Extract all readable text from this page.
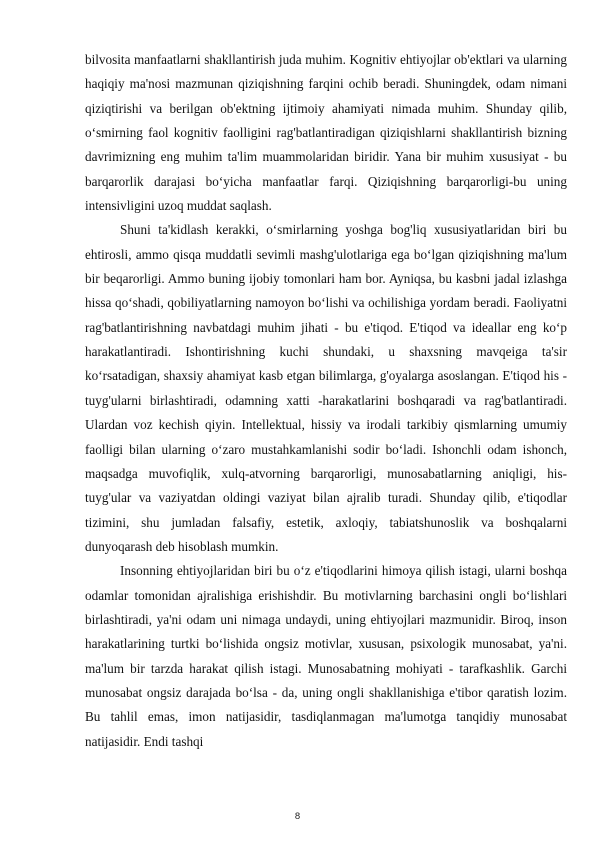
bilvosita manfaatlarni shakllantirish juda muhim. Kognitiv ehtiyojlar ob'ektlari va ularning haqiqiy ma'nosi mazmunan qiziqishning farqini ochib beradi. Shuningdek, odam nimani qiziqtirishi va berilgan ob'ektning ijtimoiy ahamiyati nimada muhim. Shunday qilib, o‘smirning faol kognitiv faolligini rag'batlantiradigan qiziqishlarni shakllantirish bizning davrimizning eng muhim ta'lim muammolaridan biridir. Yana bir muhim xususiyat - bu barqarorlik darajasi bo‘yicha manfaatlar farqi. Qiziqishning barqarorligi-bu uning intensivligini uzoq muddat saqlash.

Shuni ta'kidlash kerakki, o‘smirlarning yoshga bog'liq xususiyatlaridan biri bu ehtirosli, ammo qisqa muddatli sevimli mashg'ulotlariga ega bo‘lgan qiziqishning ma'lum bir beqarorligi. Ammo buning ijobiy tomonlari ham bor. Ayniqsa, bu kasbni jadal izlashga hissa qo‘shadi, qobiliyatlarning namoyon bo‘lishi va ochilishiga yordam beradi. Faoliyatni rag'batlantirishning navbatdagi muhim jihati - bu e'tiqod. E'tiqod va ideallar eng ko‘p harakatlantiradi. Ishontirishning kuchi shundaki, u shaxsning mavqeiga ta'sir ko‘rsatadigan, shaxsiy ahamiyat kasb etgan bilimlarga, g'oyalarga asoslangan. E'tiqod his -tuyg'ularni birlashtiradi, odamning xatti -harakatlarini boshqaradi va rag'batlantiradi. Ulardan voz kechish qiyin. Intellektual, hissiy va irodali tarkibiy qismlarning umumiy faolligi bilan ularning o‘zaro mustahkamlanishi sodir bo‘ladi. Ishonchli odam ishonch, maqsadga muvofiqlik, xulq-atvorning barqarorligi, munosabatlarning aniqligi, his-tuyg'ular va vaziyatdan oldingi vaziyat bilan ajralib turadi. Shunday qilib, e'tiqodlar tizimini, shu jumladan falsafiy, estetik, axloqiy, tabiatshunoslik va boshqalarni dunyoqarash deb hisoblash mumkin.

Insonning ehtiyojlaridan biri bu o‘z e'tiqodlarini himoya qilish istagi, ularni boshqa odamlar tomonidan ajralishiga erishishdir. Bu motivlarning barchasini ongli bo‘lishlari birlashtiradi, ya'ni odam uni nimaga undaydi, uning ehtiyojlari mazmunidir. Biroq, inson harakatlarining turtki bo‘lishida ongsiz motivlar, xususan, psixologik munosabat, ya'ni. ma'lum bir tarzda harakat qilish istagi. Munosabatning mohiyati - tarafkashlik. Garchi munosabat ongsiz darajada bo‘lsa - da, uning ongli shakllanishiga e'tibor qaratish lozim. Bu tahlil emas, imon natijasidir, tasdiqlanmagan ma'lumotga tanqidiy munosabat natijasidir. Endi tashqi

8
